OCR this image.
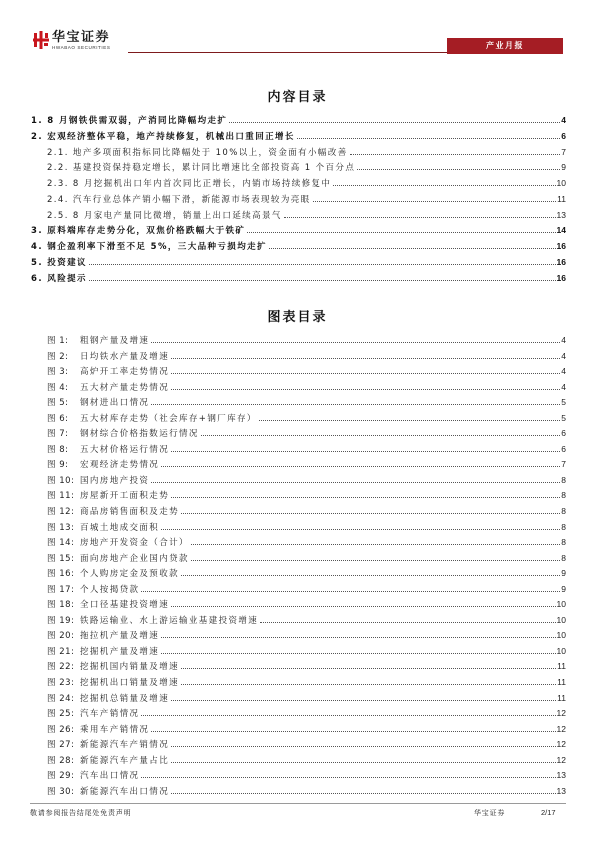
华宝证券
HWABAO SECURITIES	产业月报
内容目录
1. 8 月钢铁供需双弱，产消同比降幅均走扩	4
2. 宏观经济整体平稳，地产持续修复，机械出口重回正增长	6
2.1. 地产多项面积指标同比降幅处于 10%以上，资金面有小幅改善	7
2.2. 基建投资保持稳定增长，累计同比增速比全部投资高 1 个百分点	9
2.3. 8 月挖掘机出口年内首次同比正增长，内销市场持续修复中	10
2.4. 汽车行业总体产销小幅下滑，新能源市场表现较为亮眼	11
2.5. 8 月家电产量同比微增，销量上出口延续高景气	13
3. 原料端库存走势分化，双焦价格跌幅大于铁矿	14
4. 钢企盈利率下滑至不足 5%，三大品种亏损均走扩	16
5. 投资建议	16
6. 风险提示	16
图表目录
图 1:	粗钢产量及增速	4
图 2:	日均铁水产量及增速	4
图 3:	高炉开工率走势情况	4
图 4:	五大材产量走势情况	4
图 5:	钢材进出口情况	5
图 6:	五大材库存走势（社会库存+钢厂库存）	5
图 7:	钢材综合价格指数运行情况	6
图 8:	五大材价格运行情况	6
图 9:	宏观经济走势情况	7
图 10: 国内房地产投资	8
图 11: 房屋新开工面积走势	8
图 12: 商品房销售面积及走势	8
图 13: 百城土地成交面积	8
图 14: 房地产开发资金（合计）	8
图 15: 面向房地产企业国内贷款	8
图 16: 个人购房定金及预收款	9
图 17: 个人按揭贷款	9
图 18: 全口径基建投资增速	10
图 19: 铁路运输业、水上游运输业基建投资增速	10
图 20: 拖拉机产量及增速	10
图 21: 挖掘机产量及增速	10
图 22: 挖掘机国内销量及增速	11
图 23: 挖掘机出口销量及增速	11
图 24: 挖掘机总销量及增速	11
图 25: 汽车产销情况	12
图 26: 乘用车产销情况	12
图 27: 新能源汽车产销情况	12
图 28: 新能源汽车产量占比	12
图 29: 汽车出口情况	13
图 30: 新能源汽车出口情况	13
敬请参阅报告结尾处免责声明	华宝证券	2/17
